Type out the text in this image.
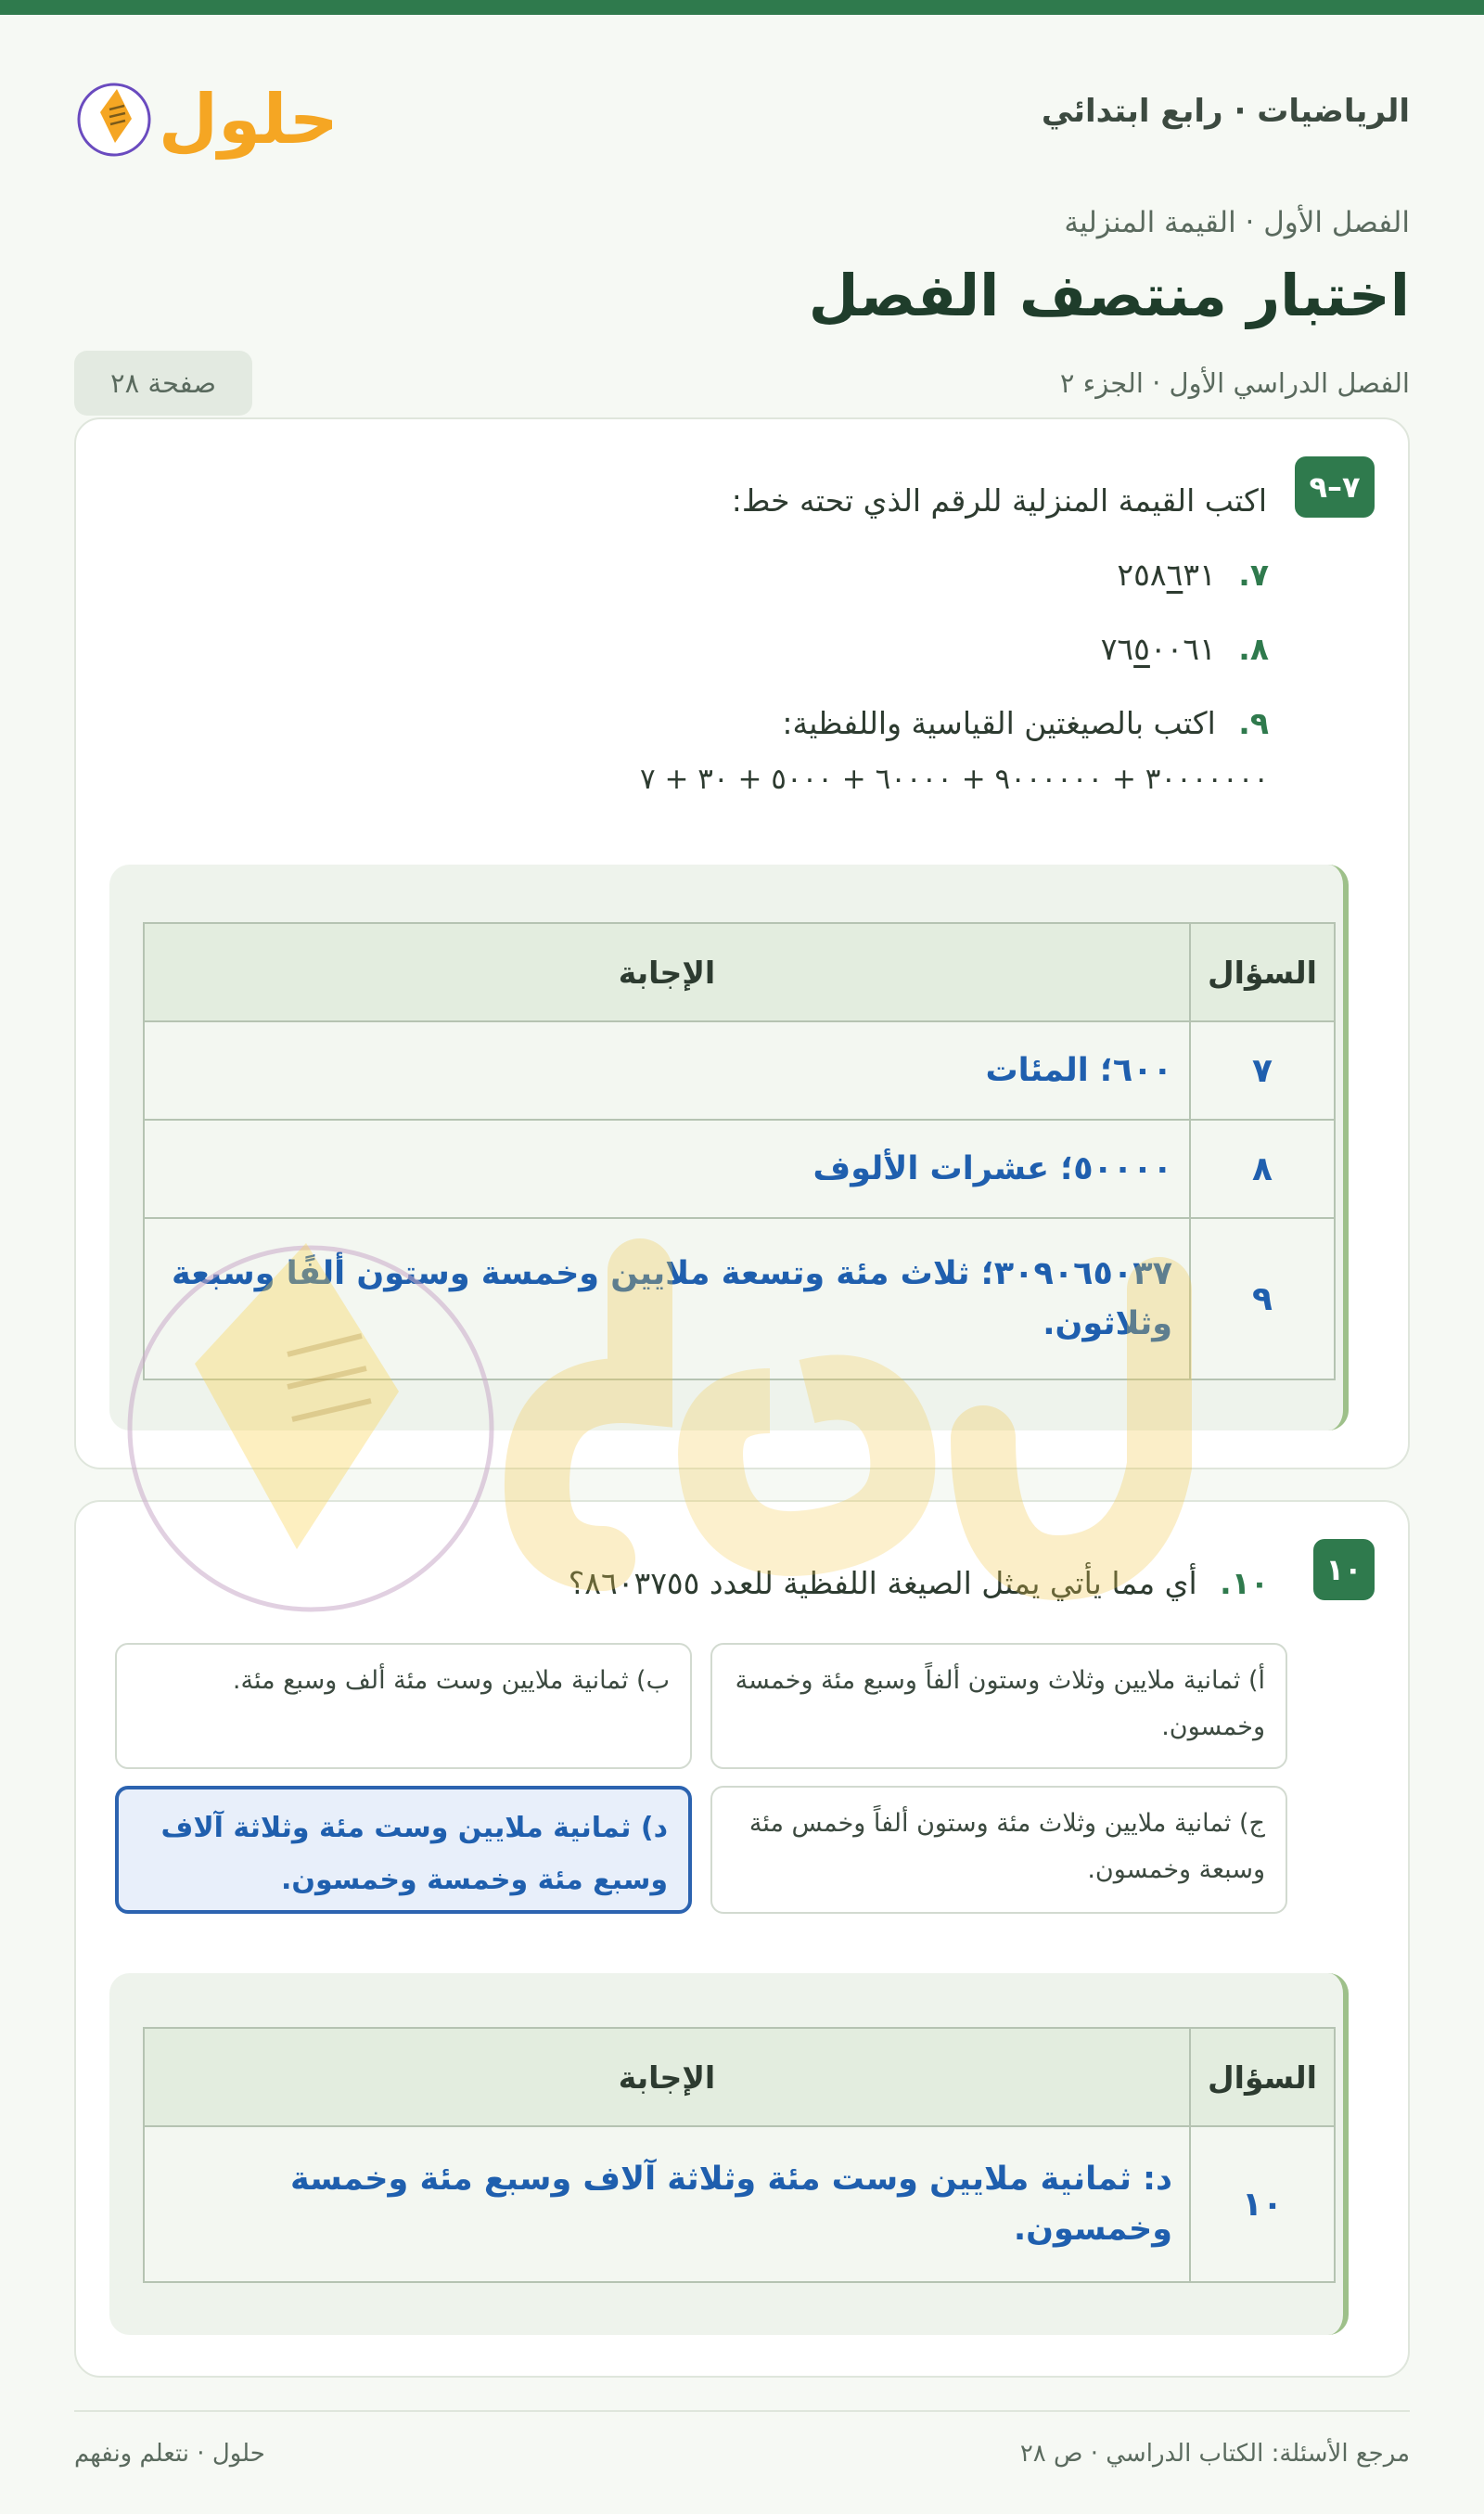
الرياضيات · رابع ابتدائي
حلول
الفصل الأول · القيمة المنزلية
اختبار منتصف الفصل
الفصل الدراسي الأول · الجزء ٢
صفحة ٢٨
٧–٩
اكتب القيمة المنزلية للرقم الذي تحته خط:
٧. ٢٥٨٦٣١
٨. ٧٦٥٠٠٦١
٩. اكتب بالصيغتين القياسية واللفظية:
٣٠٠٠٠٠٠٠ + ٩٠٠٠٠٠٠ + ٦٠٠٠٠ + ٥٠٠٠ + ٣٠ + ٧
السؤال	الإجابة
٧	٦٠٠؛ المئات
٨	٥٠٠٠٠؛ عشرات الألوف
٩	٣٠٩٠٦٥٠٣٧؛ ثلاث مئة وتسعة ملايين وخمسة وستون ألفًا وسبعة وثلاثون.
١٠
١٠. أي مما يأتي يمثل الصيغة اللفظية للعدد ٨٦٠٣٧٥٥؟
أ) ثمانية ملايين وثلاث وستون ألفاً وسبع مئة وخمسة وخمسون.
ب) ثمانية ملايين وست مئة ألف وسبع مئة.
ج) ثمانية ملايين وثلاث مئة وستون ألفاً وخمس مئة وسبعة وخمسون.
د) ثمانية ملايين وست مئة وثلاثة آلاف وسبع مئة وخمسة وخمسون.
السؤال	الإجابة
١٠	د: ثمانية ملايين وست مئة وثلاثة آلاف وسبع مئة وخمسة وخمسون.
مرجع الأسئلة: الكتاب الدراسي · ص ٢٨
حلول · نتعلم ونفهم
